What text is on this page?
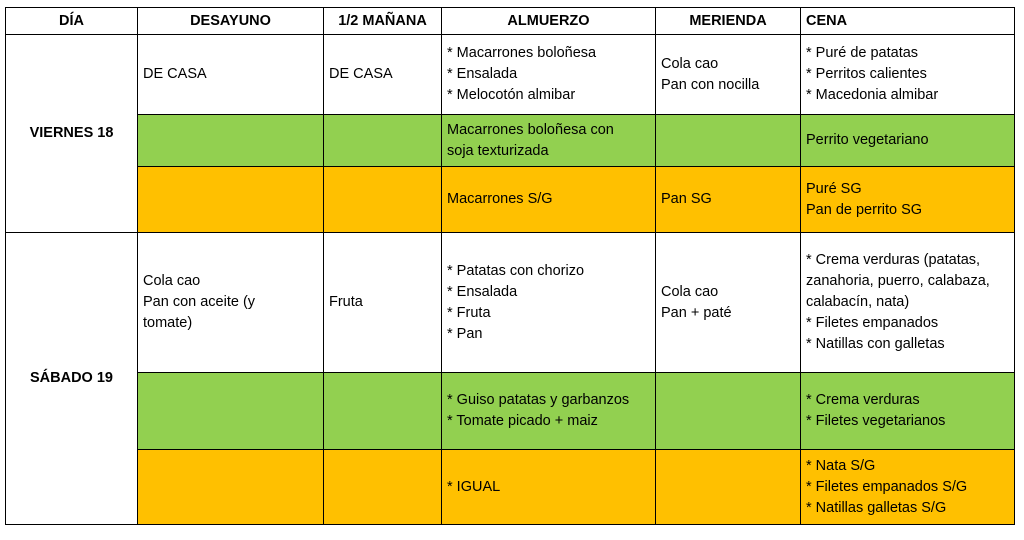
DÍA	DESAYUNO	1/2 MAÑANA	ALMUERZO	MERIENDA	CENA
VIERNES 18	DE CASA	DE CASA	* Macarrones boloñesa
* Ensalada
* Melocotón almibar	Cola cao
Pan con nocilla	* Puré de patatas
* Perritos calientes
* Macedonia almibar
			Macarrones boloñesa con
soja texturizada		Perrito vegetariano
			Macarrones S/G	Pan SG	Puré SG
Pan de perrito SG
SÁBADO 19	Cola cao
Pan con aceite (y
tomate)	Fruta	* Patatas con chorizo
* Ensalada
* Fruta
* Pan	Cola cao
Pan + paté	* Crema verduras (patatas,
zanahoria, puerro, calabaza,
calabacín, nata)
* Filetes empanados
* Natillas con galletas
			* Guiso patatas y garbanzos
* Tomate picado + maiz		* Crema verduras
* Filetes vegetarianos
			* IGUAL		* Nata S/G
* Filetes empanados S/G
* Natillas galletas S/G
